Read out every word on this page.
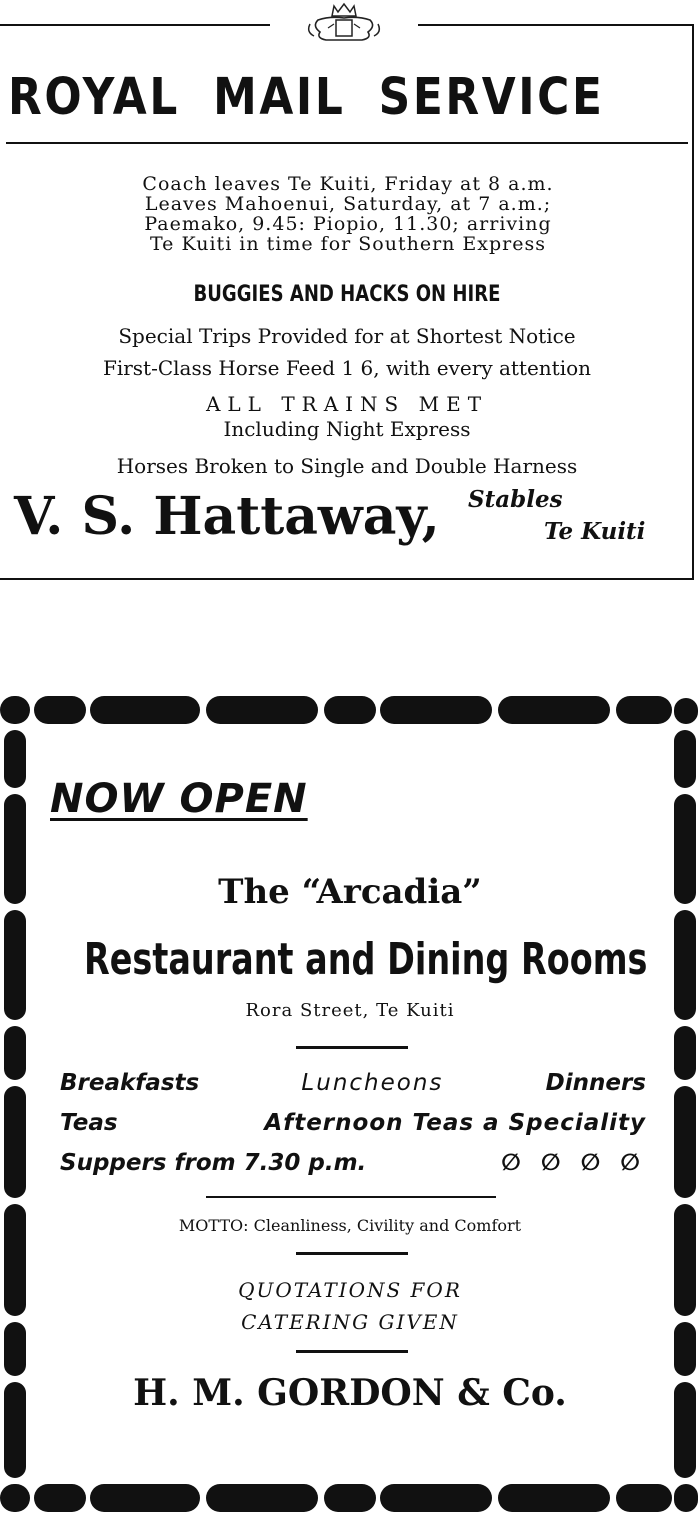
ROYAL MAIL SERVICE
Coach leaves Te Kuiti, Friday at 8 a.m.
Leaves Mahoenui, Saturday, at 7 a.m.;
Paemako, 9.45: Piopio, 11.30; arriving
Te Kuiti in time for Southern Express
BUGGIES AND HACKS ON HIRE
Special Trips Provided for at Shortest Notice
First-Class Horse Feed 1 6, with every attention
ALL TRAINS MET
Including Night Express
Horses Broken to Single and Double Harness
V. S. Hattaway, Stables
Te Kuiti
NOW OPEN
The “Arcadia”
Restaurant and Dining Rooms
Rora Street, Te Kuiti
Breakfasts	Luncheons	Dinners
Teas	Afternoon Teas a Speciality
Suppers from 7.30 p.m.	∅ ∅ ∅ ∅
MOTTO: Cleanliness, Civility and Comfort
QUOTATIONS FOR
CATERING GIVEN
H. M. GORDON & Co.
